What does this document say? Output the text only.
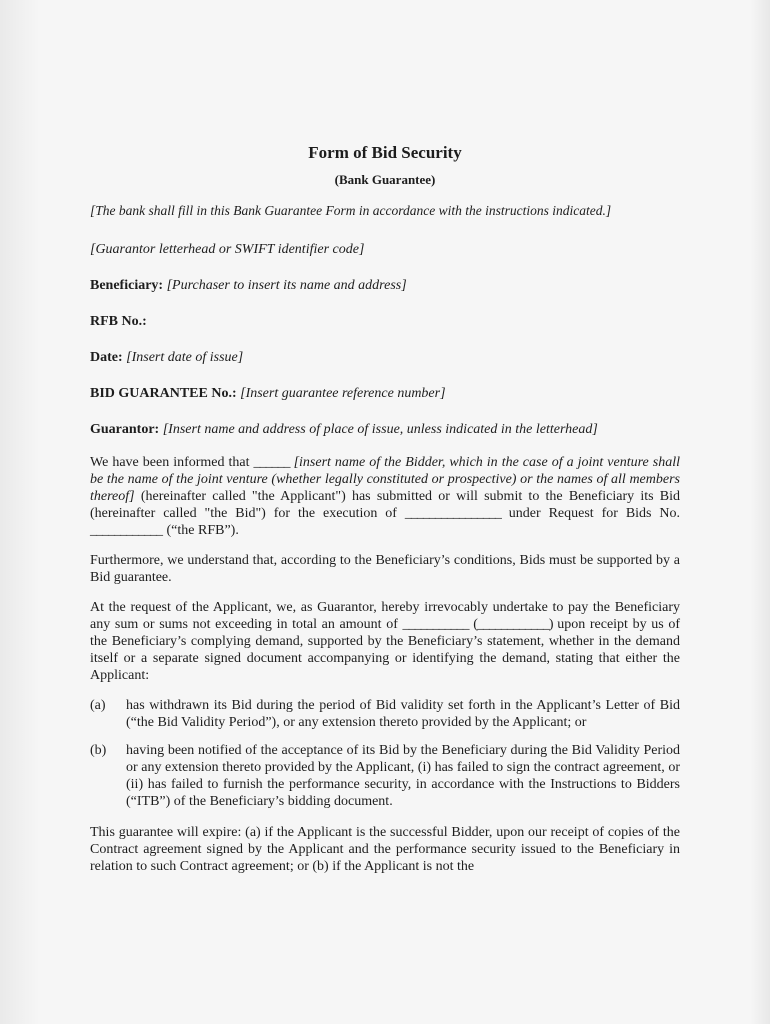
Form of Bid Security
(Bank Guarantee)
[The bank shall fill in this Bank Guarantee Form in accordance with the instructions indicated.]
[Guarantor letterhead or SWIFT identifier code]
Beneficiary: [Purchaser to insert its name and address]
RFB No.:
Date: [Insert date of issue]
BID GUARANTEE No.: [Insert guarantee reference number]
Guarantor: [Insert name and address of place of issue, unless indicated in the letterhead]
We have been informed that ______ [insert name of the Bidder, which in the case of a joint venture shall be the name of the joint venture (whether legally constituted or prospective) or the names of all members thereof] (hereinafter called "the Applicant") has submitted or will submit to the Beneficiary its Bid (hereinafter called "the Bid") for the execution of ________________ under Request for Bids No. ____________ (“the RFB”).
Furthermore, we understand that, according to the Beneficiary’s conditions, Bids must be supported by a Bid guarantee.
At the request of the Applicant, we, as Guarantor, hereby irrevocably undertake to pay the Beneficiary any sum or sums not exceeding in total an amount of ___________ (____________) upon receipt by us of the Beneficiary’s complying demand, supported by the Beneficiary’s statement, whether in the demand itself or a separate signed document accompanying or identifying the demand, stating that either the Applicant:
(a)	has withdrawn its Bid during the period of Bid validity set forth in the Applicant’s Letter of Bid (“the Bid Validity Period”), or any extension thereto provided by the Applicant; or
(b)	having been notified of the acceptance of its Bid by the Beneficiary during the Bid Validity Period or any extension thereto provided by the Applicant, (i) has failed to sign the contract agreement, or (ii) has failed to furnish the performance security, in accordance with the Instructions to Bidders (“ITB”) of the Beneficiary’s bidding document.
This guarantee will expire: (a) if the Applicant is the successful Bidder, upon our receipt of copies of the Contract agreement signed by the Applicant and the performance security issued to the Beneficiary in relation to such Contract agreement; or (b) if the Applicant is not the
